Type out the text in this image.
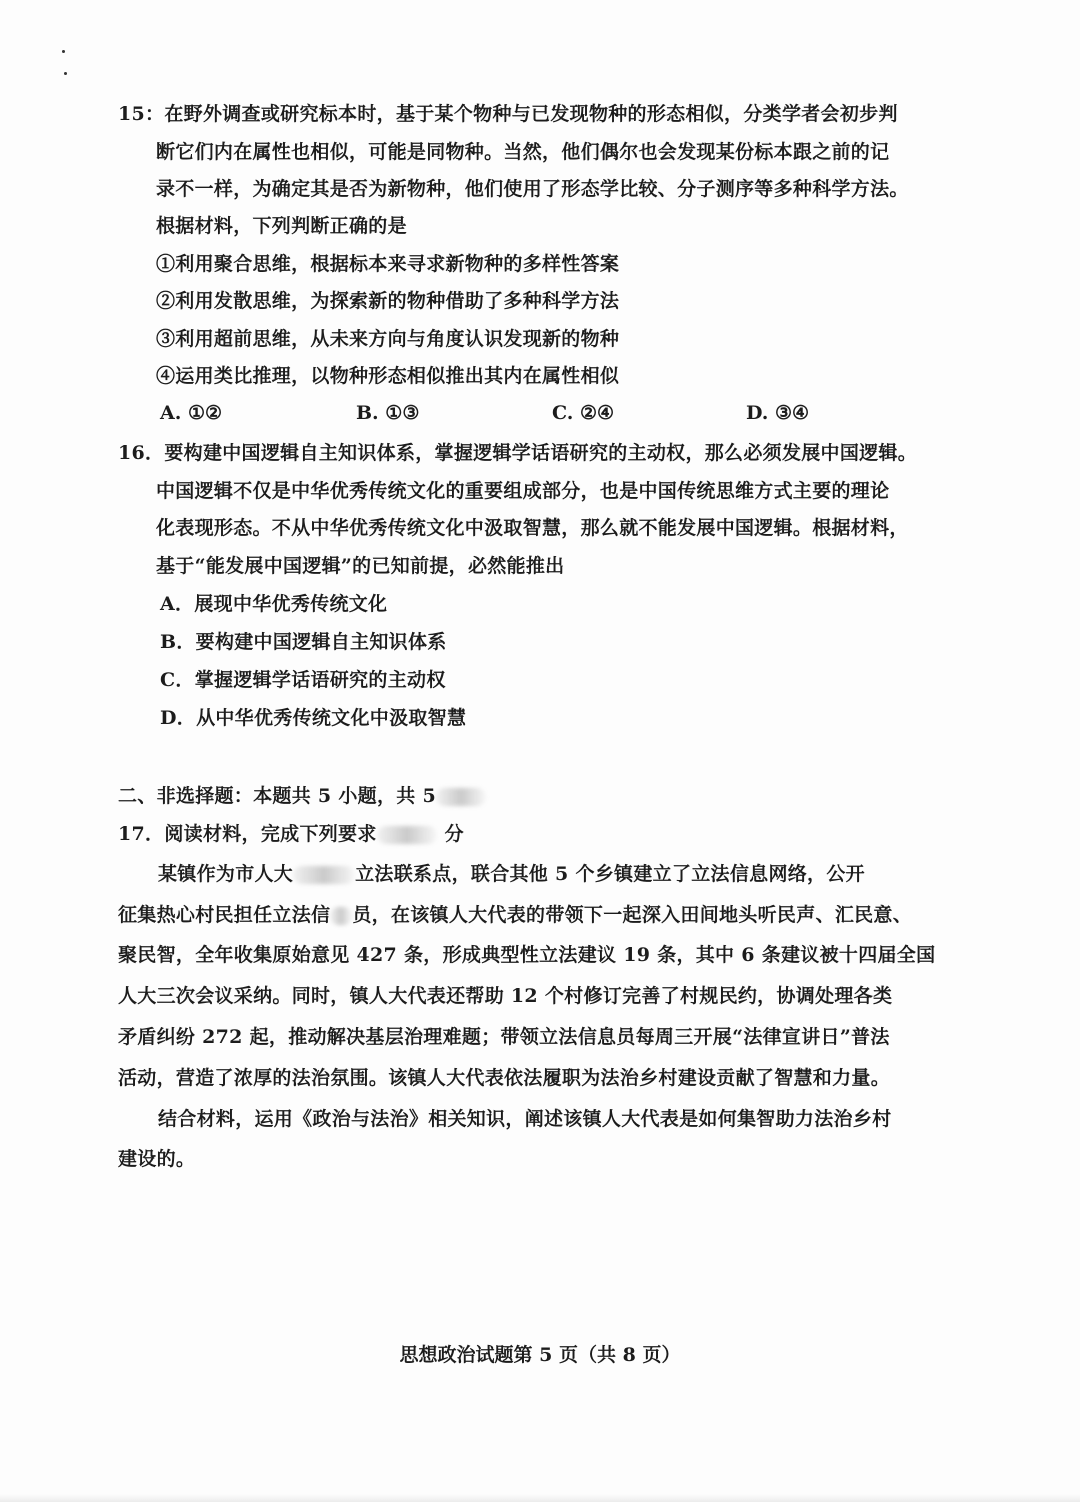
15：在野外调查或研究标本时，基于某个物种与已发现物种的形态相似，分类学者会初步判
断它们内在属性也相似，可能是同物种。当然，他们偶尔也会发现某份标本跟之前的记
录不一样，为确定其是否为新物种，他们使用了形态学比较、分子测序等多种科学方法。
根据材料，下列判断正确的是
①利用聚合思维，根据标本来寻求新物种的多样性答案
②利用发散思维，为探索新的物种借助了多种科学方法
③利用超前思维，从未来方向与角度认识发现新的物种
④运用类比推理，以物种形态相似推出其内在属性相似
A. ①②	B. ①③	C. ②④	D. ③④
16．要构建中国逻辑自主知识体系，掌握逻辑学话语研究的主动权，那么必须发展中国逻辑。
中国逻辑不仅是中华优秀传统文化的重要组成部分，也是中国传统思维方式主要的理论
化表现形态。不从中华优秀传统文化中汲取智慧，那么就不能发展中国逻辑。根据材料，
基于“能发展中国逻辑”的已知前提，必然能推出
A．展现中华优秀传统文化
B．要构建中国逻辑自主知识体系
C．掌握逻辑学话语研究的主动权
D．从中华优秀传统文化中汲取智慧
二、非选择题：本题共 5 小题，共 5
17．阅读材料，完成下列要求	分
某镇作为市人大	立法联系点，联合其他 5 个乡镇建立了立法信息网络，公开
征集热心村民担任立法信 员，在该镇人大代表的带领下一起深入田间地头听民声、汇民意、
聚民智，全年收集原始意见 427 条，形成典型性立法建议 19 条，其中 6 条建议被十四届全国
人大三次会议采纳。同时，镇人大代表还帮助 12 个村修订完善了村规民约，协调处理各类
矛盾纠纷 272 起，推动解决基层治理难题；带领立法信息员每周三开展“法律宣讲日”普法
活动，营造了浓厚的法治氛围。该镇人大代表依法履职为法治乡村建设贡献了智慧和力量。
结合材料，运用《政治与法治》相关知识，阐述该镇人大代表是如何集智助力法治乡村
建设的。
思想政治试题第 5 页（共 8 页）
